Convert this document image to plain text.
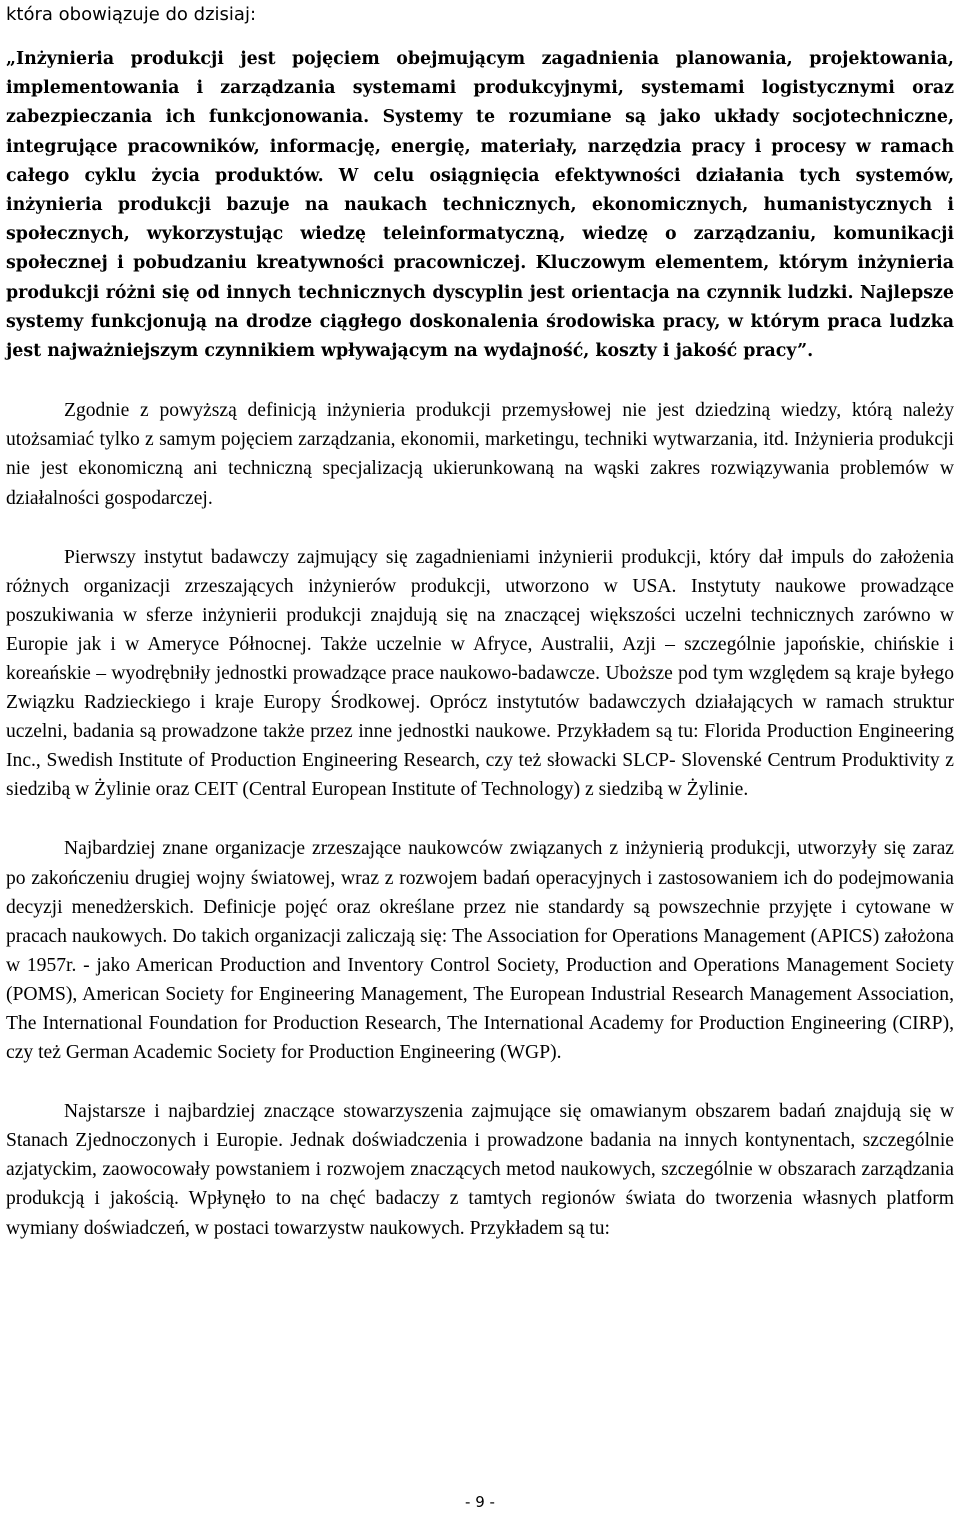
która obowiązuje do dzisiaj:

„Inżynieria produkcji jest pojęciem obejmującym zagadnienia planowania, projektowania, implementowania i zarządzania systemami produkcyjnymi, systemami logistycznymi oraz zabezpieczania ich funkcjonowania. Systemy te rozumiane są jako układy socjotechniczne, integrujące pracowników, informację, energię, materiały, narzędzia pracy i procesy w ramach całego cyklu życia produktów. W celu osiągnięcia efektywności działania tych systemów, inżynieria produkcji bazuje na naukach technicznych, ekonomicznych, humanistycznych i społecznych, wykorzystując wiedzę teleinformatyczną, wiedzę o zarządzaniu, komunikacji społecznej i pobudzaniu kreatywności pracowniczej. Kluczowym elementem, którym inżynieria produkcji różni się od innych technicznych dyscyplin jest orientacja na czynnik ludzki. Najlepsze systemy funkcjonują na drodze ciągłego doskonalenia środowiska pracy, w którym praca ludzka jest najważniejszym czynnikiem wpływającym na wydajność, koszty i jakość pracy”.

Zgodnie z powyższą definicją inżynieria produkcji przemysłowej nie jest dziedziną wiedzy, którą należy utożsamiać tylko z samym pojęciem zarządzania, ekonomii, marketingu, techniki wytwarzania, itd. Inżynieria produkcji nie jest ekonomiczną ani techniczną specjalizacją ukierunkowaną na wąski zakres rozwiązywania problemów w działalności gospodarczej.

Pierwszy instytut badawczy zajmujący się zagadnieniami inżynierii produkcji, który dał impuls do założenia różnych organizacji zrzeszających inżynierów produkcji, utworzono w USA. Instytuty naukowe prowadzące poszukiwania w sferze inżynierii produkcji znajdują się na znaczącej większości uczelni technicznych zarówno w Europie jak i w Ameryce Północnej. Także uczelnie w Afryce, Australii, Azji – szczególnie japońskie, chińskie i koreańskie – wyodrębniły jednostki prowadzące prace naukowo-badawcze. Uboższe pod tym względem są kraje byłego Związku Radzieckiego i kraje Europy Środkowej. Oprócz instytutów badawczych działających w ramach struktur uczelni, badania są prowadzone także przez inne jednostki naukowe. Przykładem są tu: Florida Production Engineering Inc., Swedish Institute of Production Engineering Research, czy też słowacki SLCP- Slovenské Centrum Produktivity z siedzibą w Żylinie oraz CEIT (Central European Institute of Technology) z siedzibą w Żylinie.

Najbardziej znane organizacje zrzeszające naukowców związanych z inżynierią produkcji, utworzyły się zaraz po zakończeniu drugiej wojny światowej, wraz z rozwojem badań operacyjnych i zastosowaniem ich do podejmowania decyzji menedżerskich. Definicje pojęć oraz określane przez nie standardy są powszechnie przyjęte i cytowane w pracach naukowych. Do takich organizacji zaliczają się: The Association for Operations Management (APICS) założona w 1957r. - jako American Production and Inventory Control Society, Production and Operations Management Society (POMS), American Society for Engineering Management, The European Industrial Research Management Association, The International Foundation for Production Research, The International Academy for Production Engineering (CIRP), czy też German Academic Society for Production Engineering (WGP).

Najstarsze i najbardziej znaczące stowarzyszenia zajmujące się omawianym obszarem badań znajdują się w Stanach Zjednoczonych i Europie. Jednak doświadczenia i prowadzone badania na innych kontynentach, szczególnie azjatyckim, zaowocowały powstaniem i rozwojem znaczących metod naukowych, szczególnie w obszarach zarządzania produkcją i jakością. Wpłynęło to na chęć badaczy z tamtych regionów świata do tworzenia własnych platform wymiany doświadczeń, w postaci towarzystw naukowych. Przykładem są tu:

- 9 -
